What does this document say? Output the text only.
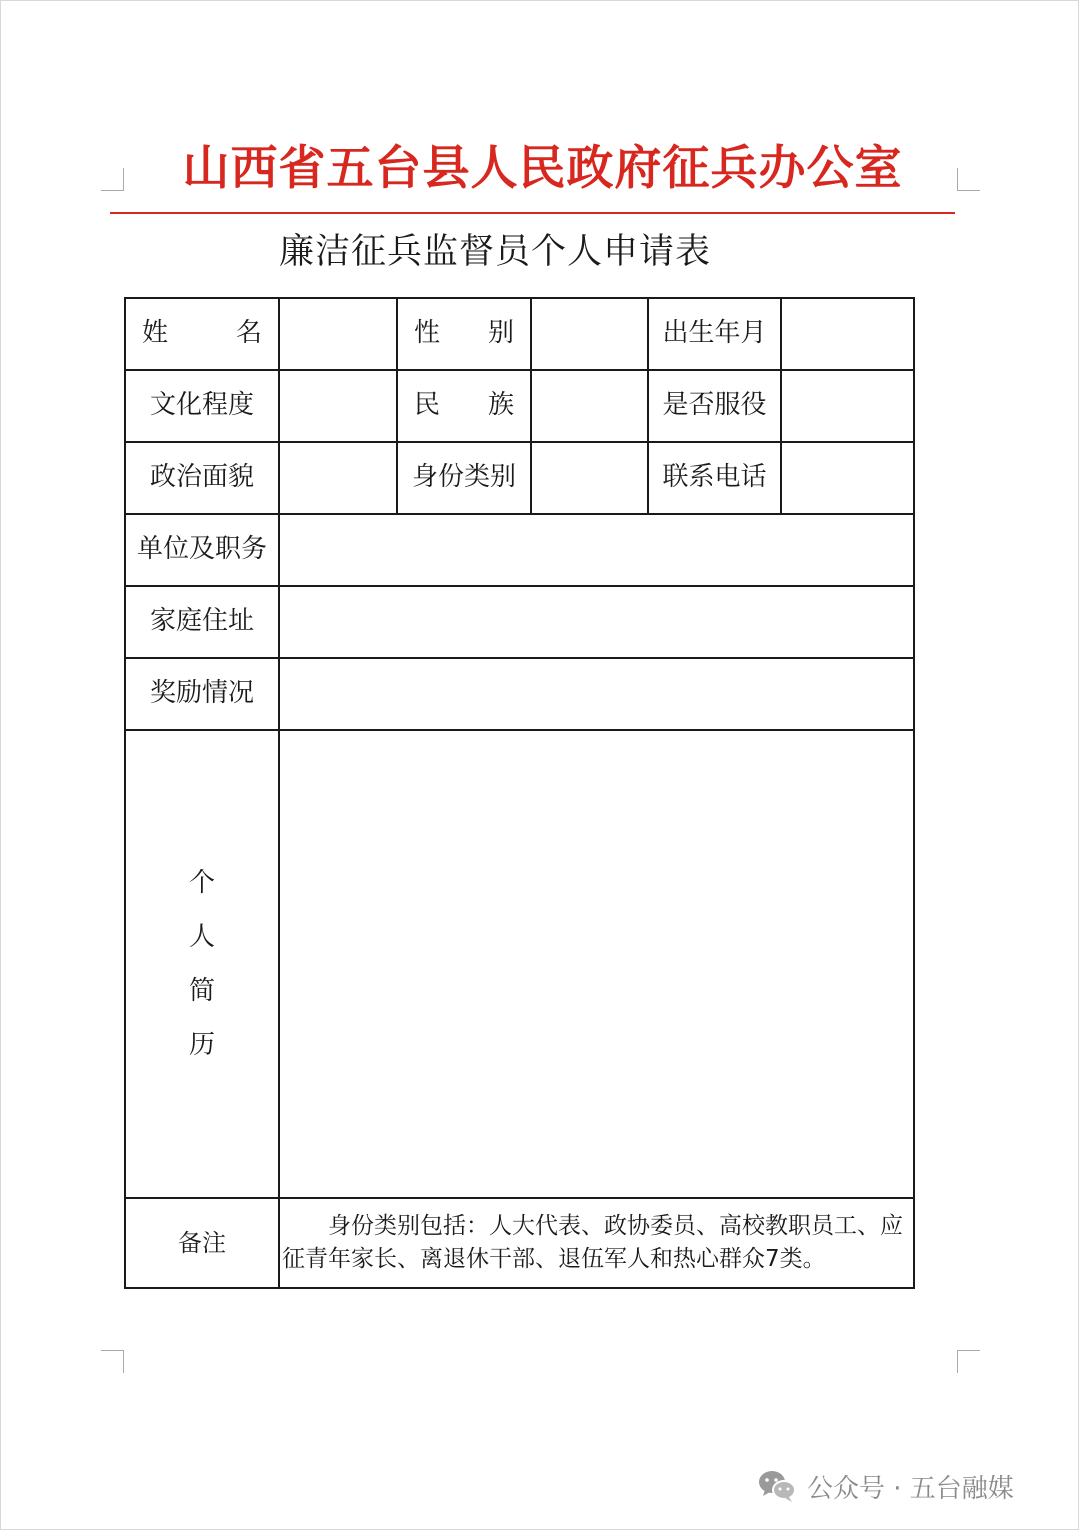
山西省五台县人民政府征兵办公室
廉洁征兵监督员个人申请表
姓 名		性 别		出生年月	
文化程度		民 族		是否服役	
政治面貌		身份类别		联系电话	
单位及职务					
家庭住址					
奖励情况					

个
人
简
历					

备注	身份类别包括：人大代表、政协委员、高校教职员工、应征青年家长、离退休干部、退伍军人和热心群众7类。				
公众号 · 五台融媒
